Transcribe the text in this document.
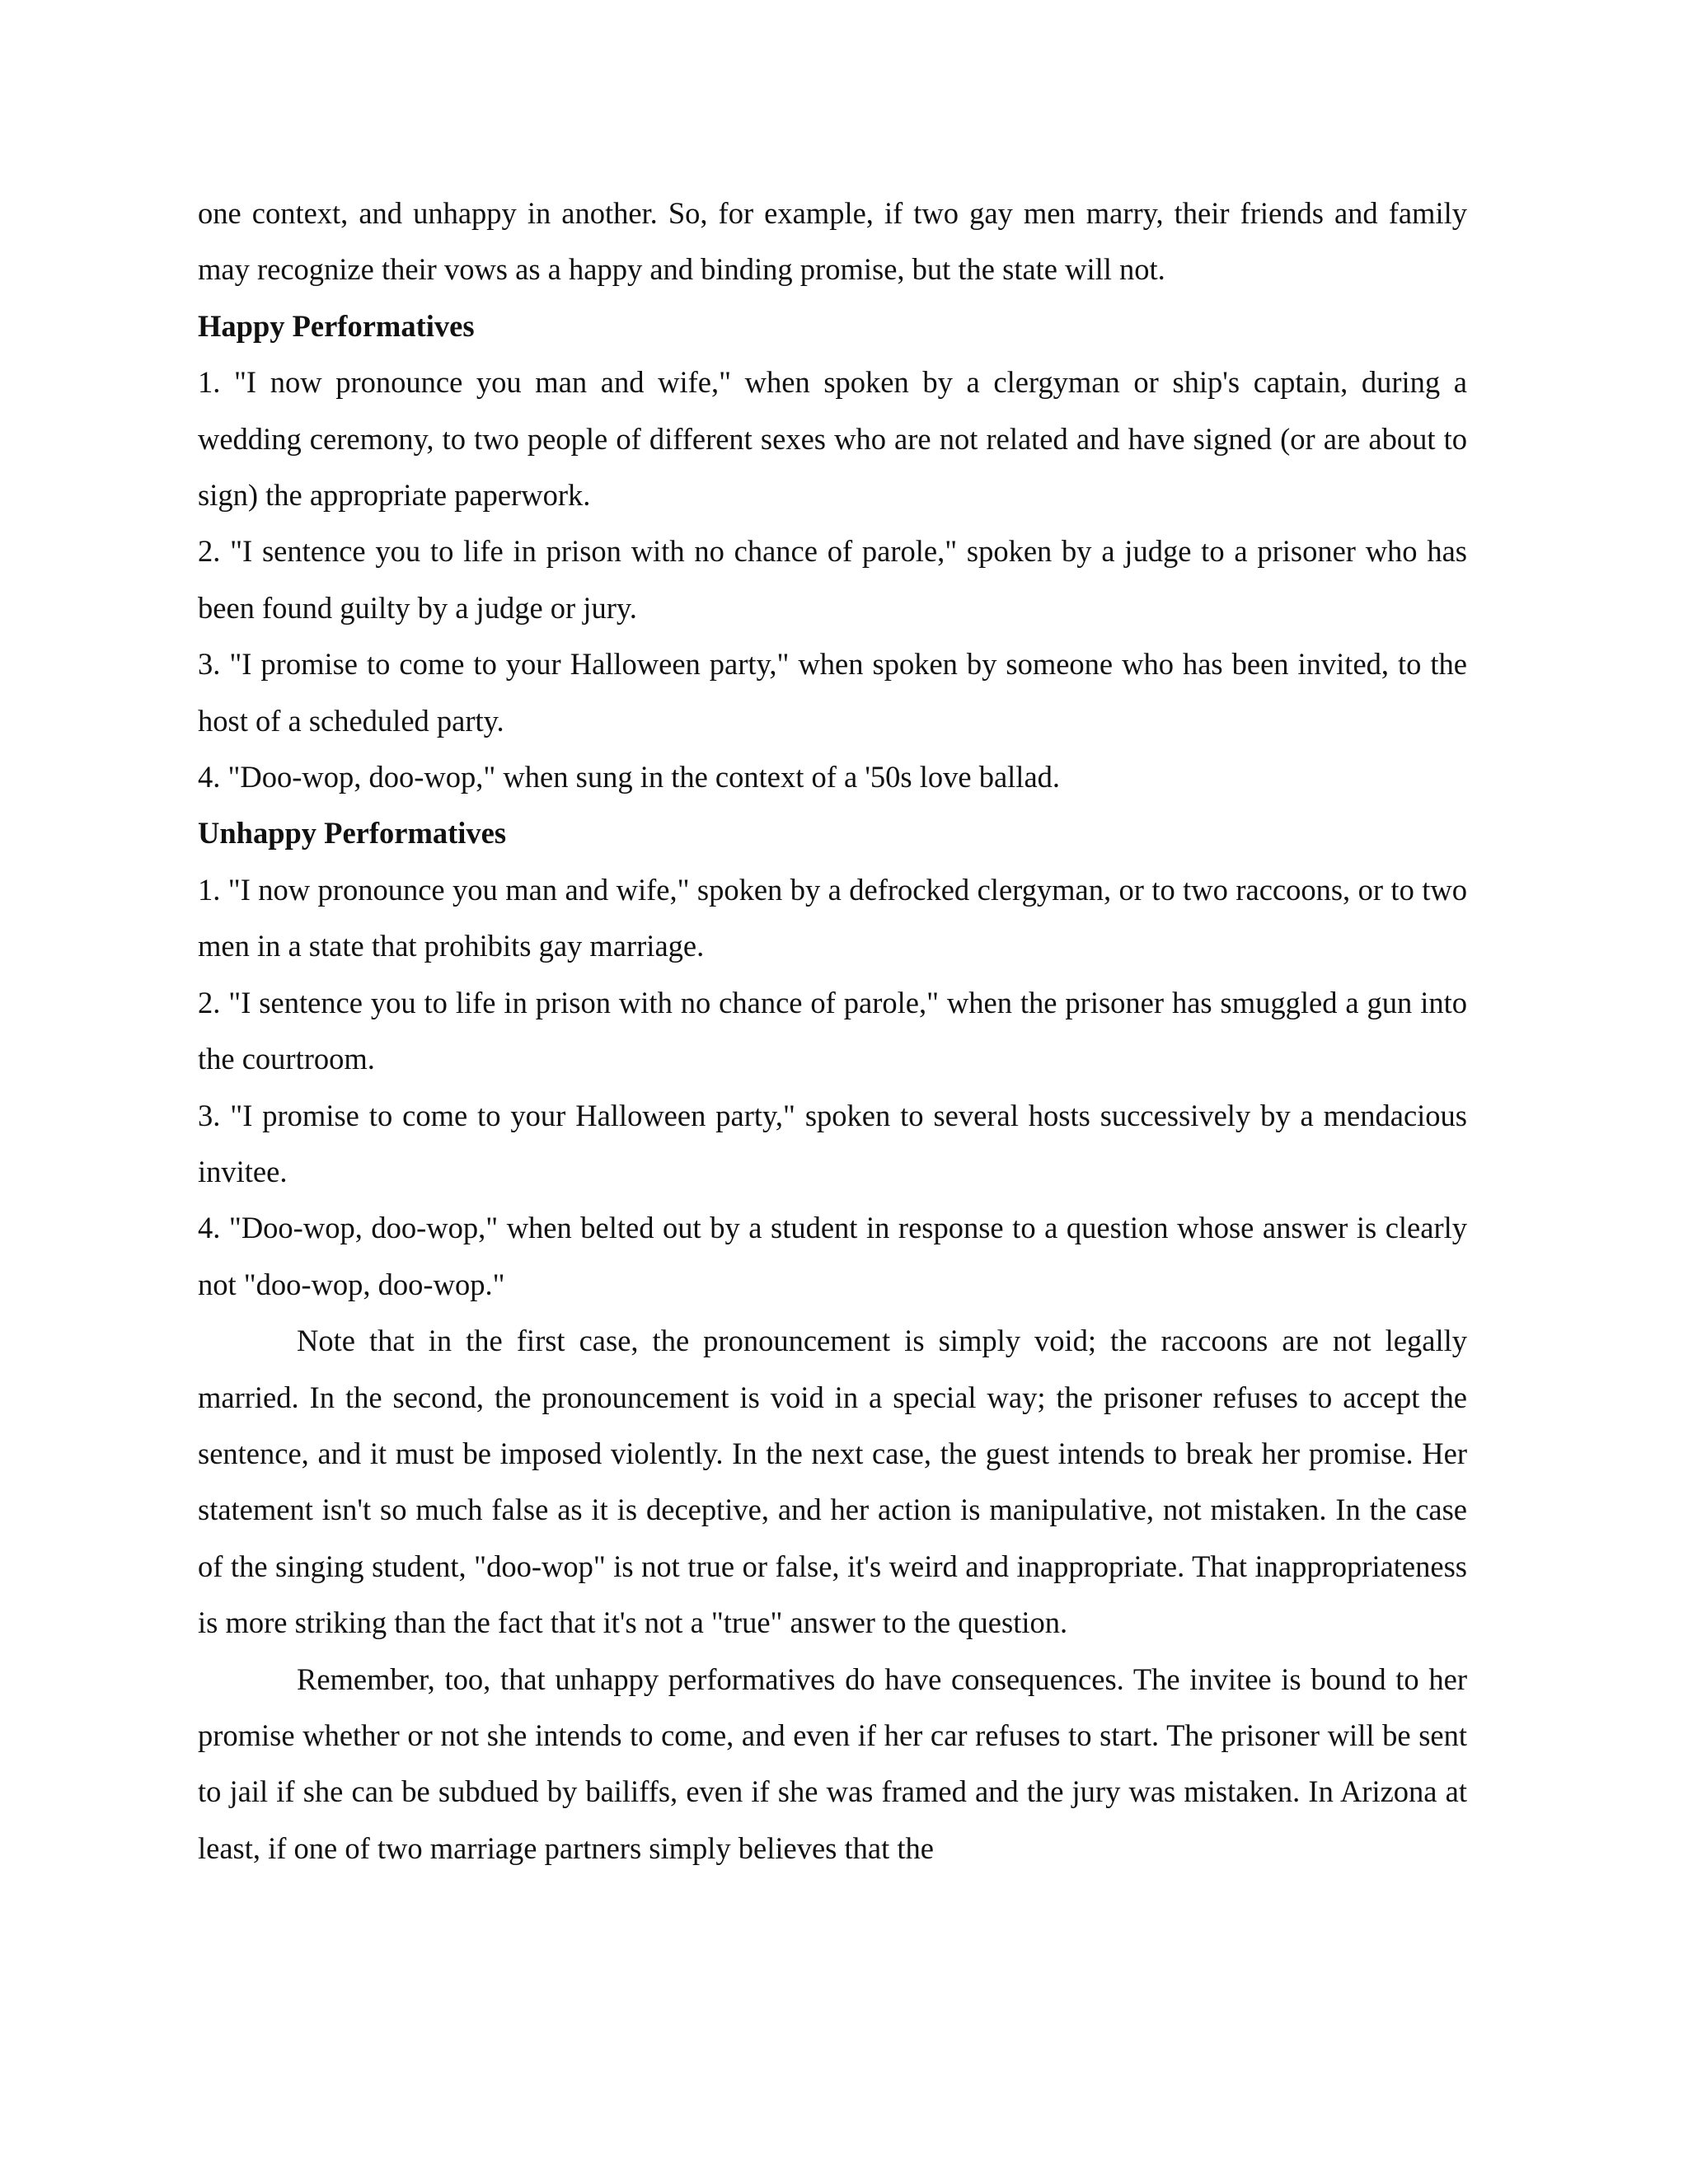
one context, and unhappy in another. So, for example, if two gay men marry, their friends and family may recognize their vows as a happy and binding promise, but the state will not.

Happy Performatives

1. "I now pronounce you man and wife," when spoken by a clergyman or ship's captain, during a wedding ceremony, to two people of different sexes who are not related and have signed (or are about to sign) the appropriate paperwork.

2. "I sentence you to life in prison with no chance of parole," spoken by a judge to a prisoner who has been found guilty by a judge or jury.

3. "I promise to come to your Halloween party," when spoken by someone who has been invited, to the host of a scheduled party.

4. "Doo-wop, doo-wop," when sung in the context of a '50s love ballad.

Unhappy Performatives

1. "I now pronounce you man and wife," spoken by a defrocked clergyman, or to two raccoons, or to two men in a state that prohibits gay marriage.

2. "I sentence you to life in prison with no chance of parole," when the prisoner has smuggled a gun into the courtroom.

3. "I promise to come to your Halloween party," spoken to several hosts successively by a mendacious invitee.

4. "Doo-wop, doo-wop," when belted out by a student in response to a question whose answer is clearly not "doo-wop, doo-wop."

Note that in the first case, the pronouncement is simply void; the raccoons are not legally married. In the second, the pronouncement is void in a special way; the prisoner refuses to accept the sentence, and it must be imposed violently. In the next case, the guest intends to break her promise. Her statement isn't so much false as it is deceptive, and her action is manipulative, not mistaken. In the case of the singing student, "doo-wop" is not true or false, it's weird and inappropriate. That inappropriateness is more striking than the fact that it's not a "true" answer to the question.

Remember, too, that unhappy performatives do have consequences. The invitee is bound to her promise whether or not she intends to come, and even if her car refuses to start. The prisoner will be sent to jail if she can be subdued by bailiffs, even if she was framed and the jury was mistaken. In Arizona at least, if one of two marriage partners simply believes that the
